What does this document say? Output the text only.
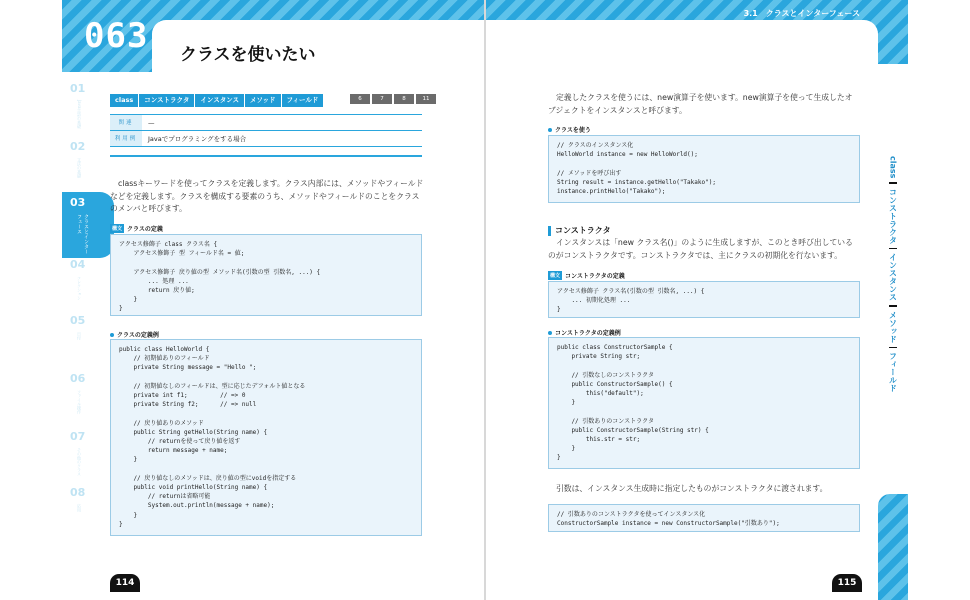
063 クラスを使いたい
01
Java言語の基礎
02
文法の基礎
03
クラスとインターフェース
04
コレクション
05
日付
06
ファイル操作
07
その他のクラス
08
応用
class	コンストラクタ	インスタンス	メソッド	フィールド	6	7	8	11
関連	—
利用例	Javaでプログラミングをする場合

classキーワードを使ってクラスを定義します。クラス内部には、メソッドやフィールドなどを定義します。クラスを構成する要素のうち、メソッドやフィールドのことをクラスのメンバと呼びます。

構文 クラスの定義
アクセス修飾子 class クラス名 {
アクセス修飾子 型 フィールド名 = 値;

アクセス修飾子 戻り値の型 メソッド名(引数の型 引数名, ...) {
... 処理 ...
return 戻り値;
}
}
クラスの定義例
public class HelloWorld {
// 初期値ありのフィールド
private String message = "Hello ";

// 初期値なしのフィールドは、型に応じたデフォルト値となる
private int f1;         // => 0
private String f2;      // => null

// 戻り値ありのメソッド
public String getHello(String name) {
// returnを使って戻り値を返す
return message + name;
}

// 戻り値なしのメソッドは、戻り値の型にvoidを指定する
public void printHello(String name) {
// returnは省略可能
System.out.println(message + name);
}
}
114
3.1　クラスとインターフェース

定義したクラスを使うには、new演算子を使います。new演算子を使って生成したオブジェクトをインスタンスと呼びます。

クラスを使う
// クラスのインスタンス化
HelloWorld instance = new HelloWorld();

// メソッドを呼び出す
String result = instance.getHello("Takako");
instance.printHello("Takako");
コンストラクタ

インスタンスは「new クラス名()」のように生成しますが、このとき呼び出しているのがコンストラクタです。コンストラクタでは、主にクラスの初期化を行ないます。

構文 コンストラクタの定義
アクセス修飾子 クラス名(引数の型 引数名, ...) {
... 初期化処理 ...
}
コンストラクタの定義例
public class ConstructorSample {
private String str;

// 引数なしのコンストラクタ
public ConstructorSample() {
this("default");
}

// 引数ありのコンストラクタ
public ConstructorSample(String str) {
this.str = str;
}
}

引数は、インスタンス生成時に指定したものがコンストラクタに渡されます。

// 引数ありのコンストラクタを使ってインスタンス化
ConstructorSample instance = new ConstructorSample("引数あり");
class
コンストラクタ
インスタンス
メソッド
フィールド
115
